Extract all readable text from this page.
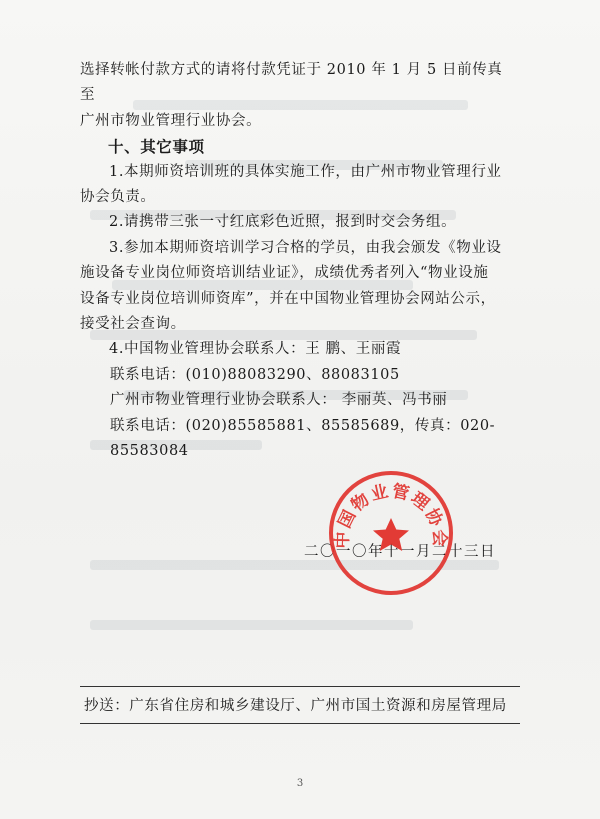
选择转帐付款方式的请将付款凭证于 2010 年 1 月 5 日前传真至

广州市物业管理行业协会。

十、其它事项

1.本期师资培训班的具体实施工作，由广州市物业管理行业

协会负责。

2.请携带三张一寸红底彩色近照，报到时交会务组。

3.参加本期师资培训学习合格的学员，由我会颁发《物业设

施设备专业岗位师资培训结业证》，成绩优秀者列入“物业设施

设备专业岗位培训师资库”，并在中国物业管理协会网站公示，

接受社会查询。

4.中国物业管理协会联系人：王 鹏、王丽霞

联系电话：(010)88083290、88083105

广州市物业管理行业协会联系人： 李丽英、冯书丽

联系电话：(020)85585881、85585689，传真：020-85583084

二〇一〇年十一月二十三日
中国物业管理协会
抄送：广东省住房和城乡建设厅、广州市国土资源和房屋管理局
3
